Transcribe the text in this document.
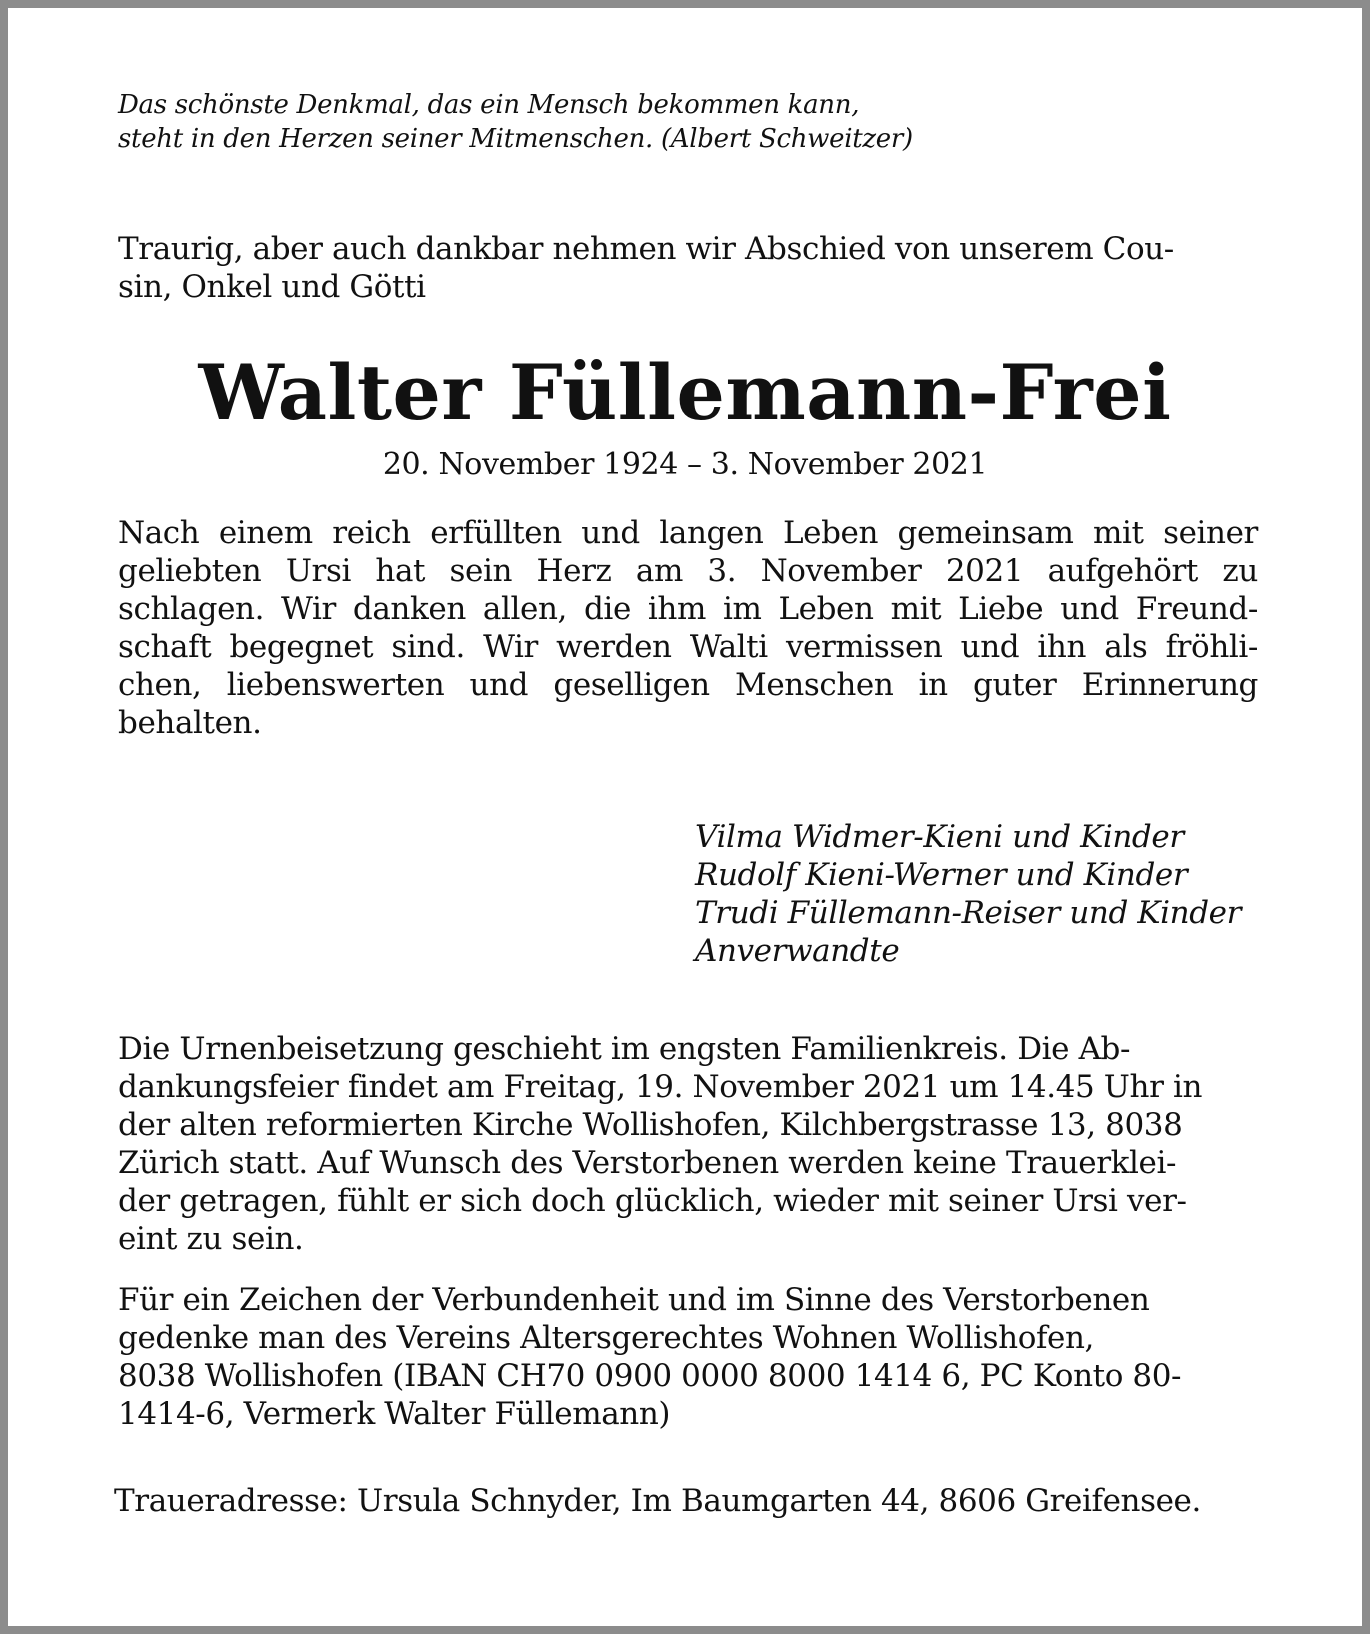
Das schönste Denkmal, das ein Mensch bekommen kann,
steht in den Herzen seiner Mitmenschen. (Albert Schweitzer)
Traurig, aber auch dankbar nehmen wir Abschied von unserem Cou-
sin, Onkel und Götti
Walter Füllemann-Frei
20. November 1924 – 3. November 2021
Nach einem reich erfüllten und langen Leben gemeinsam mit seiner
geliebten Ursi hat sein Herz am 3. November 2021 aufgehört zu
schlagen. Wir danken allen, die ihm im Leben mit Liebe und Freund-
schaft begegnet sind. Wir werden Walti vermissen und ihn als fröhli-
chen, liebenswerten und geselligen Menschen in guter Erinnerung
behalten.
Vilma Widmer-Kieni und Kinder
Rudolf Kieni-Werner und Kinder
Trudi Füllemann-Reiser und Kinder
Anverwandte
Die Urnenbeisetzung geschieht im engsten Familienkreis. Die Ab-
dankungsfeier findet am Freitag, 19. November 2021 um 14.45 Uhr in
der alten reformierten Kirche Wollishofen, Kilchbergstrasse 13, 8038
Zürich statt. Auf Wunsch des Verstorbenen werden keine Trauerklei-
der getragen, fühlt er sich doch glücklich, wieder mit seiner Ursi ver-
eint zu sein.
Für ein Zeichen der Verbundenheit und im Sinne des Verstorbenen
gedenke man des Vereins Altersgerechtes Wohnen Wollishofen,
8038 Wollishofen (IBAN CH70 0900 0000 8000 1414 6, PC Konto 80-
1414-6, Vermerk Walter Füllemann)
Traueradresse: Ursula Schnyder, Im Baumgarten 44, 8606 Greifensee.
